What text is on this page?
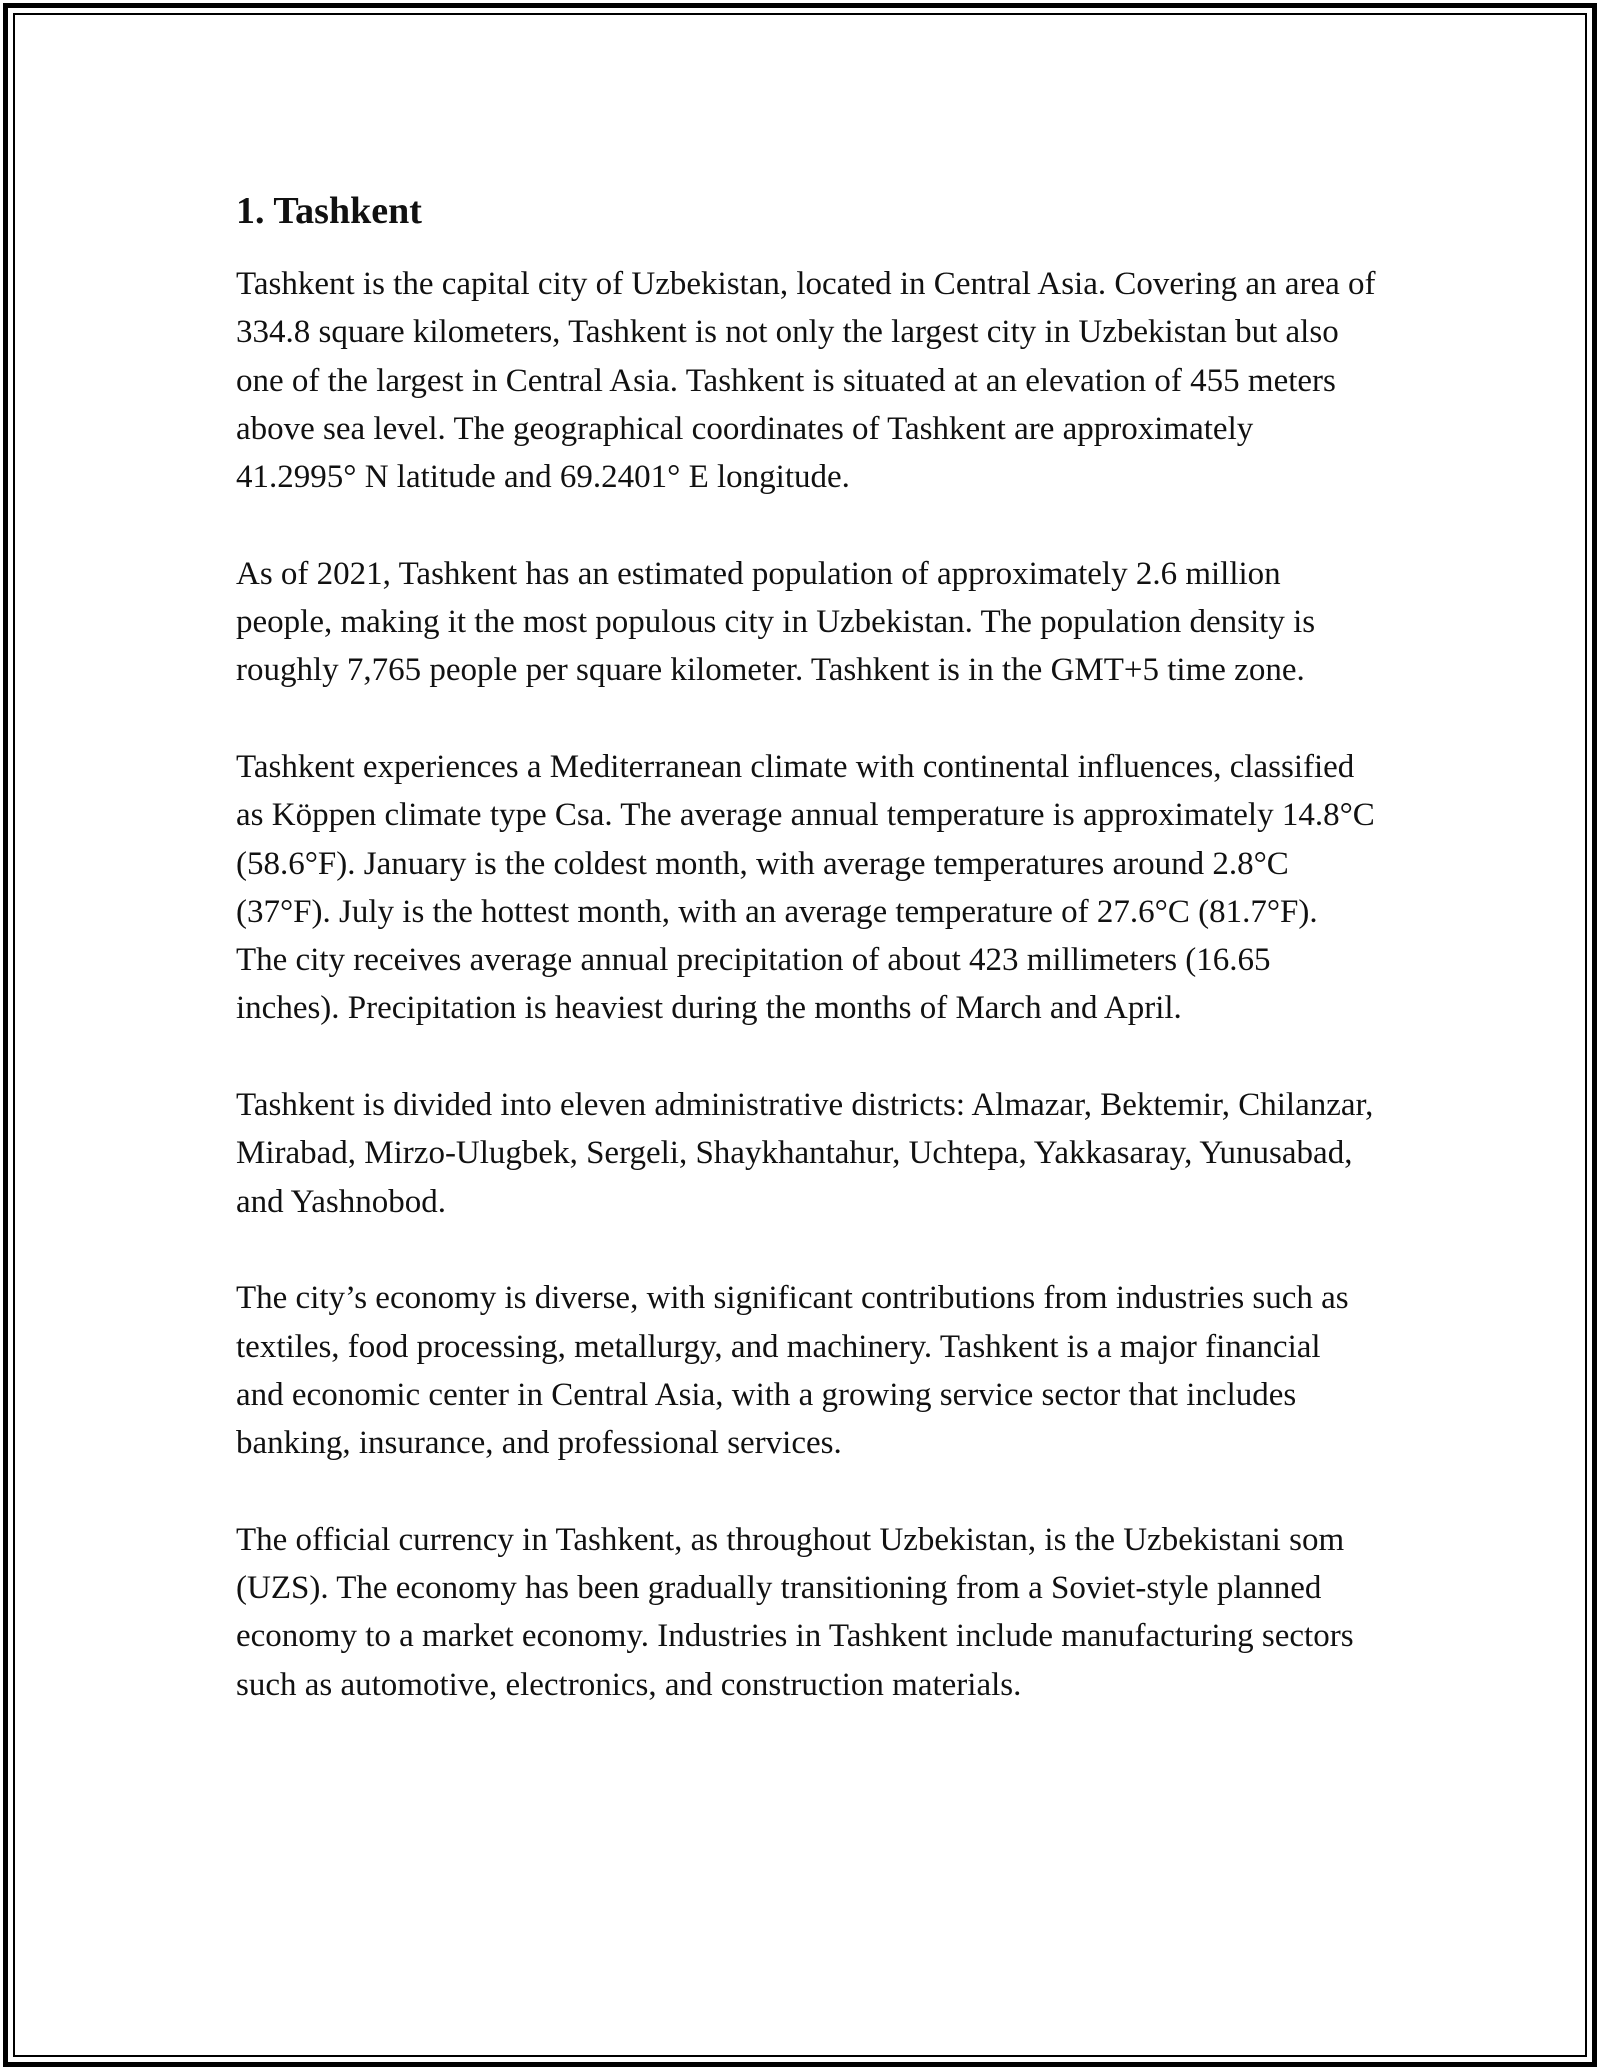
1. Tashkent

Tashkent is the capital city of Uzbekistan, located in Central Asia. Covering an area of 334.8 square kilometers, Tashkent is not only the largest city in Uzbekistan but also one of the largest in Central Asia. Tashkent is situated at an elevation of 455 meters above sea level. The geographical coordinates of Tashkent are approximately 41.2995° N latitude and 69.2401° E longitude.

As of 2021, Tashkent has an estimated population of approximately 2.6 million people, making it the most populous city in Uzbekistan. The population density is roughly 7,765 people per square kilometer. Tashkent is in the GMT+5 time zone.

Tashkent experiences a Mediterranean climate with continental influences, classified as Köppen climate type Csa. The average annual temperature is approximately 14.8°C (58.6°F). January is the coldest month, with average temperatures around 2.8°C (37°F). July is the hottest month, with an average temperature of 27.6°C (81.7°F). The city receives average annual precipitation of about 423 millimeters (16.65 inches). Precipitation is heaviest during the months of March and April.

Tashkent is divided into eleven administrative districts: Almazar, Bektemir, Chilanzar, Mirabad, Mirzo-Ulugbek, Sergeli, Shaykhantahur, Uchtepa, Yakkasaray, Yunusabad, and Yashnobod.

The city’s economy is diverse, with significant contributions from industries such as textiles, food processing, metallurgy, and machinery. Tashkent is a major financial and economic center in Central Asia, with a growing service sector that includes banking, insurance, and professional services.

The official currency in Tashkent, as throughout Uzbekistan, is the Uzbekistani som (UZS). The economy has been gradually transitioning from a Soviet-style planned economy to a market economy. Industries in Tashkent include manufacturing sectors such as automotive, electronics, and construction materials.
